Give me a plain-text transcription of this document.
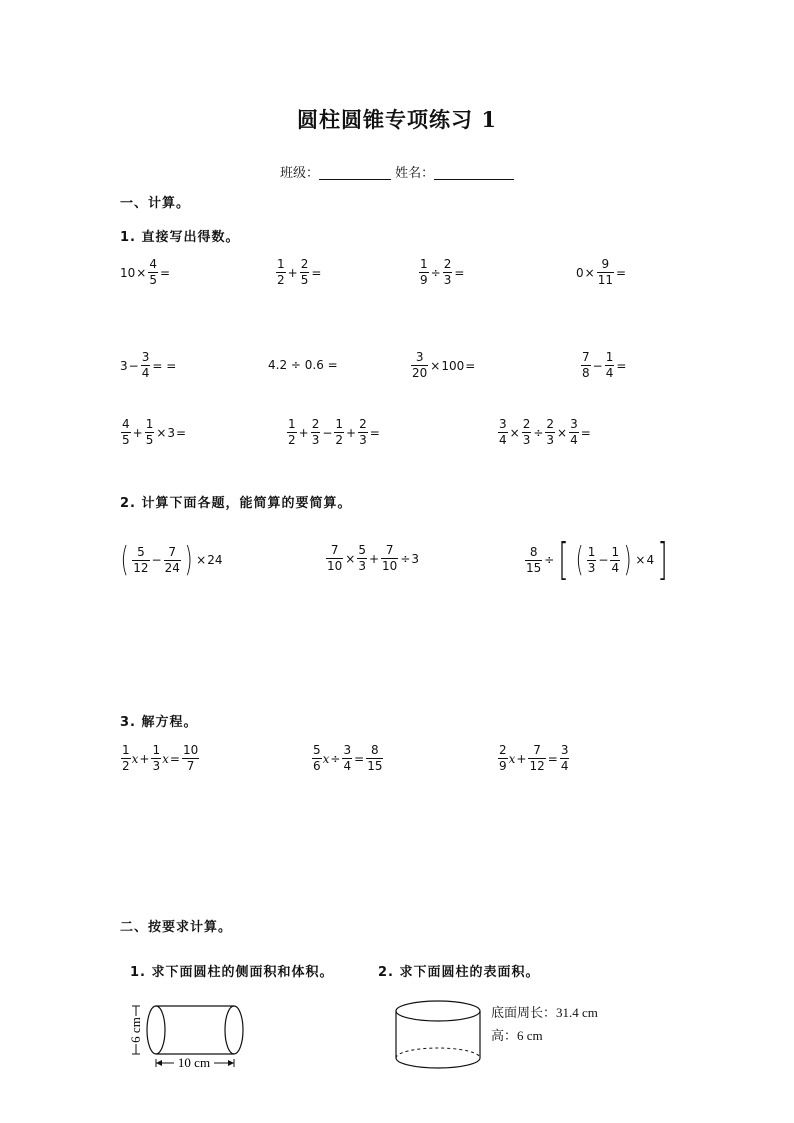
圆柱圆锥专项练习 1
班级：	姓名：
一、计算。
1. 直接写出得数。
$10 \times \frac{4}{5}$ =	$\frac{1}{2} + \frac{2}{5}$ =	$\frac{1}{9} \div \frac{2}{3}$ =	$0 \times \frac{9}{11}$ =
$3 - \frac{3}{4}$ = =	4.2 ÷ 0.6 =	$\frac{3}{20} \times 100$ =	$\frac{7}{8} - \frac{1}{4}$ =
$\frac{4}{5} + \frac{1}{5} \times 3$ =	$\frac{1}{2} + \frac{2}{3} - \frac{1}{2} + \frac{2}{3}$ =	$\frac{3}{4} \times \frac{2}{3} \div \frac{2}{3} \times \frac{3}{4}$ =
2. 计算下面各题，能简算的要简算。
( $\frac{5}{12} - \frac{7}{24}$ ) × 24	$\frac{7}{10} \times \frac{5}{3} + \frac{7}{10} \div 3$	$\frac{8}{15}$ ÷ [ ( $\frac{1}{3} - \frac{1}{4}$ ) × 4 ]
3. 解方程。
$\frac{1}{2}$ $x + \frac{1}{3}$ $x = \frac{10}{7}$	$\frac{5}{6}$ $x \div \frac{3}{4} = \frac{8}{15}$	$\frac{2}{9}$ $x + \frac{7}{12} = \frac{3}{4}$
二、按要求计算。
1. 求下面圆柱的侧面积和体积。	2. 求下面圆柱的表面积。
10 cm
6 cm
底面周长：31.4 cm
高：6 cm
